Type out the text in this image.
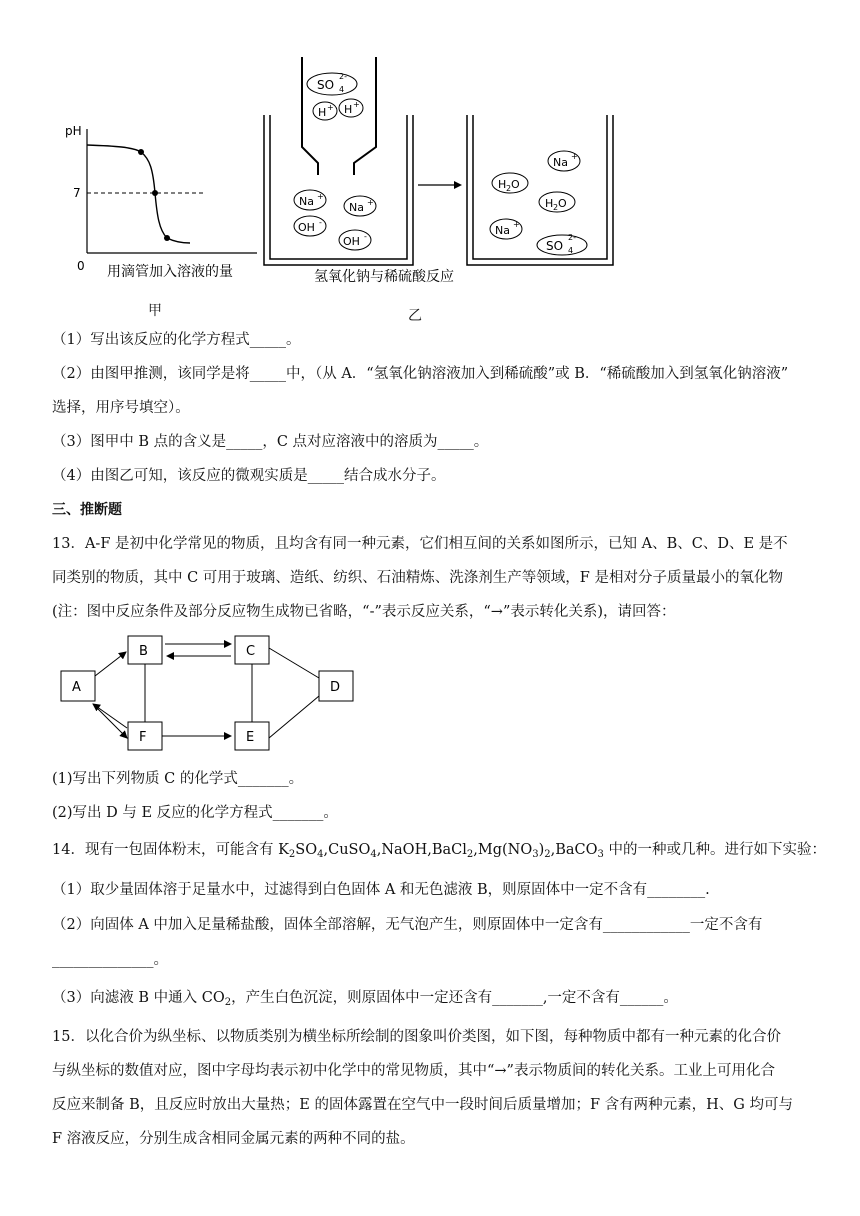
pH
7
0 用滴管加入溶液的量
甲
SO 4
2-
H + H +
Na +
Na +
OH -
OH -
Na +
H 2 O
H 2 O
Na +
SO 4
2-
氢氧化钠与稀硫酸反应
乙
（1）写出该反应的化学方程式_____。
（2）由图甲推测，该同学是将_____中，（从 A．“氢氧化钠溶液加入到稀硫酸”或 B．“稀硫酸加入到氢氧化钠溶液”
选择，用序号填空）。
（3）图甲中 B 点的含义是_____，C 点对应溶液中的溶质为_____。
（4）由图乙可知，该反应的微观实质是_____结合成水分子。
三、推断题
13．A-F 是初中化学常见的物质，且均含有同一种元素，它们相互间的关系如图所示，已知 A、B、C、D、E 是不
同类别的物质，其中 C 可用于玻璃、造纸、纺织、石油精炼、洗涤剂生产等领域，F 是相对分子质量最小的氧化物
(注：图中反应条件及部分反应物生成物已省略，“-”表示反应关系，“→”表示转化关系)，请回答：
A
B	C
D
E
F
(1)写出下列物质 C 的化学式_______。
(2)写出 D 与 E 反应的化学方程式_______。
14．现有一包固体粉末，可能含有 $K_2SO_4,CuSO_4,NaOH,BaCl_2,Mg(NO_3)_2,BaCO_3$ 中的一种或几种。进行如下实验：
（1）取少量固体溶于足量水中，过滤得到白色固体 A 和无色滤液 B，则原固体中一定不含有________.
（2）向固体 A 中加入足量稀盐酸，固体全部溶解，无气泡产生，则原固体中一定含有____________一定不含有
______________。
（3）向滤液 B 中通入 $CO_2$，产生白色沉淀，则原固体中一定还含有_______,一定不含有______。
15．以化合价为纵坐标、以物质类别为横坐标所绘制的图象叫价类图，如下图，每种物质中都有一种元素的化合价
与纵坐标的数值对应，图中字母均表示初中化学中的常见物质，其中“→”表示物质间的转化关系。工业上可用化合
反应来制备 B，且反应时放出大量热；E 的固体露置在空气中一段时间后质量增加；F 含有两种元素，H、G 均可与
F 溶液反应，分别生成含相同金属元素的两种不同的盐。
